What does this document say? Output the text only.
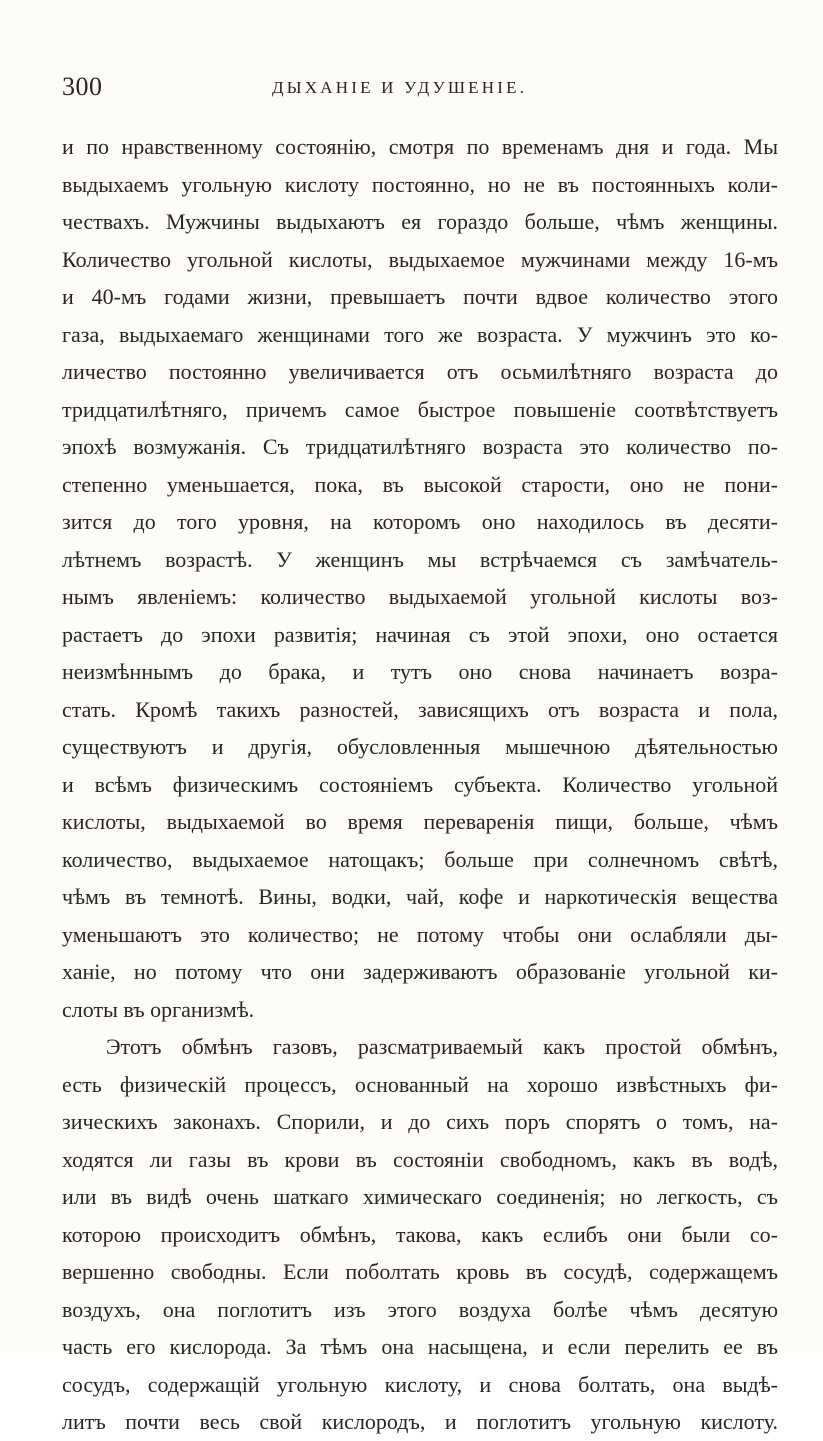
300	ДЫХАНІЕ И УДУШЕНІЕ.
и по нравственному состоянію, смотря по временамъ дня и года. Мы
выдыхаемъ угольную кислоту постоянно, но не въ постоянныхъ коли-
чествахъ. Мужчины выдыхаютъ ея гораздо больше, чѣмъ женщины.
Количество угольной кислоты, выдыхаемое мужчинами между 16-мъ
и 40-мъ годами жизни, превышаетъ почти вдвое количество этого
газа, выдыхаемаго женщинами того же возраста. У мужчинъ это ко-
личество постоянно увеличивается отъ осьмилѣтняго возраста до
тридцатилѣтняго, причемъ самое быстрое повышеніе соотвѣтствуетъ
эпохѣ возмужанія. Съ тридцатилѣтняго возраста это количество по-
степенно уменьшается, пока, въ высокой старости, оно не пони-
зится до того уровня, на которомъ оно находилось въ десяти-
лѣтнемъ возрастѣ. У женщинъ мы встрѣчаемся съ замѣчатель-
нымъ явленіемъ: количество выдыхаемой угольной кислоты воз-
растаетъ до эпохи развитія; начиная съ этой эпохи, оно остается
неизмѣннымъ до брака, и тутъ оно снова начинаетъ возра-
стать. Кромѣ такихъ разностей, зависящихъ отъ возраста и пола,
существуютъ и другія, обусловленныя мышечною дѣятельностью
и всѣмъ физическимъ состояніемъ субъекта. Количество угольной
кислоты, выдыхаемой во время переваренія пищи, больше, чѣмъ
количество, выдыхаемое натощакъ; больше при солнечномъ свѣтѣ,
чѣмъ въ темнотѣ. Вины, водки, чай, кофе и наркотическія вещества
уменьшаютъ это количество; не потому чтобы они ослабляли ды-
ханіе, но потому что они задерживаютъ образованіе угольной ки-
слоты въ организмѣ.
Этотъ обмѣнъ газовъ, разсматриваемый какъ простой обмѣнъ,
есть физическій процессъ, основанный на хорошо извѣстныхъ фи-
зическихъ законахъ. Спорили, и до сихъ поръ спорятъ о томъ, на-
ходятся ли газы въ крови въ состояніи свободномъ, какъ въ водѣ,
или въ видѣ очень шаткаго химическаго соединенія; но легкость, съ
которою происходитъ обмѣнъ, такова, какъ еслибъ они были со-
вершенно свободны. Если поболтать кровь въ сосудѣ, содержащемъ
воздухъ, она поглотитъ изъ этого воздуха болѣе чѣмъ десятую
часть его кислорода. За тѣмъ она насыщена, и если перелить ее въ
сосудъ, содержащій угольную кислоту, и снова болтать, она выдѣ-
литъ почти весь свой кислородъ, и поглотитъ угольную кислоту.
